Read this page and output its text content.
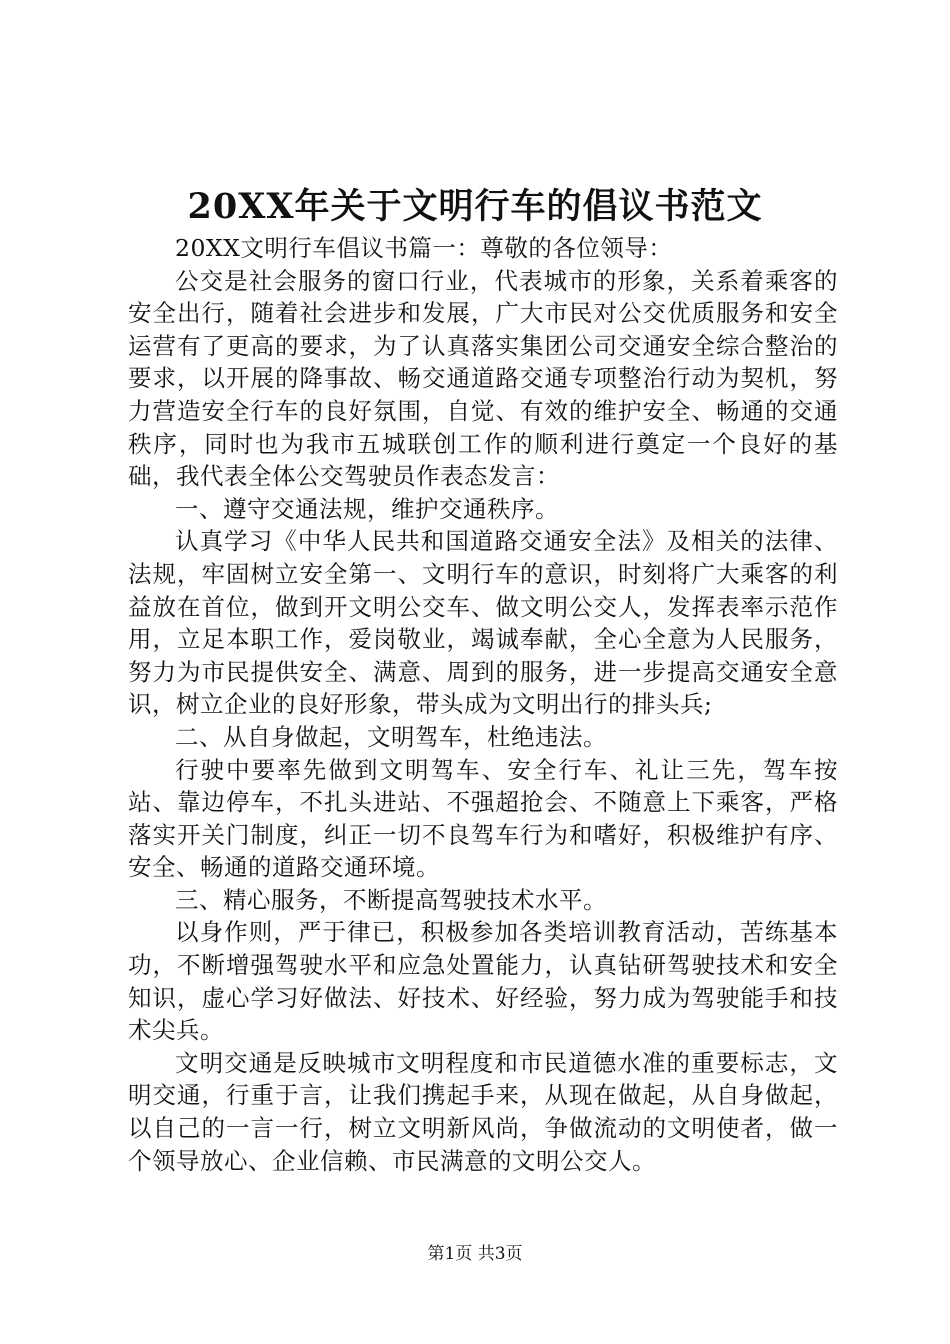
20XX年关于文明行车的倡议书范文

20XX文明行车倡议书篇一：尊敬的各位领导：

公交是社会服务的窗口行业，代表城市的形象，关系着乘客的安全出行，随着社会进步和发展，广大市民对公交优质服务和安全运营有了更高的要求，为了认真落实集团公司交通安全综合整治的要求，以开展的降事故、畅交通道路交通专项整治行动为契机，努力营造安全行车的良好氛围，自觉、有效的维护安全、畅通的交通秩序，同时也为我市五城联创工作的顺利进行奠定一个良好的基础，我代表全体公交驾驶员作表态发言：

一、遵守交通法规，维护交通秩序。

认真学习《中华人民共和国道路交通安全法》及相关的法律、法规，牢固树立安全第一、文明行车的意识，时刻将广大乘客的利益放在首位，做到开文明公交车、做文明公交人，发挥表率示范作用，立足本职工作，爱岗敬业，竭诚奉献，全心全意为人民服务，努力为市民提供安全、满意、周到的服务，进一步提高交通安全意识，树立企业的良好形象，带头成为文明出行的排头兵;

二、从自身做起，文明驾车，杜绝违法。

行驶中要率先做到文明驾车、安全行车、礼让三先，驾车按站、靠边停车，不扎头进站、不强超抢会、不随意上下乘客，严格落实开关门制度，纠正一切不良驾车行为和嗜好，积极维护有序、安全、畅通的道路交通环境。

三、精心服务，不断提高驾驶技术水平。

以身作则，严于律已，积极参加各类培训教育活动，苦练基本功，不断增强驾驶水平和应急处置能力，认真钻研驾驶技术和安全知识，虚心学习好做法、好技术、好经验，努力成为驾驶能手和技术尖兵。

文明交通是反映城市文明程度和市民道德水准的重要标志，文明交通，行重于言，让我们携起手来，从现在做起，从自身做起，以自己的一言一行，树立文明新风尚，争做流动的文明使者，做一个领导放心、企业信赖、市民满意的文明公交人。

第1页 共3页
